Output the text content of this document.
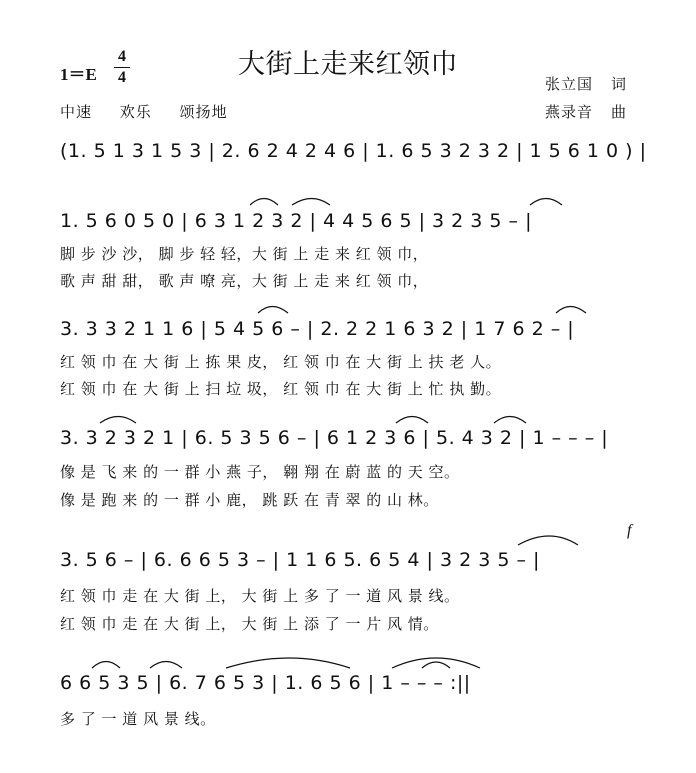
大街上走来红领巾
1＝E
4
4
中速 欢乐 颂扬地
张立国 词
燕录音 曲
(1. 5 1 3 1 5 3 | 2. 6 2 4 2 4 6 | 1. 6 5 3 2 3 2 | 1 5 6 1 0 ) |
1. 5 6 0 5 0 | 6 3 1 2 3 2 | 4 4 5 6 5 | 3 2 3 5 – |
脚 步 沙 沙， 脚 步 轻 轻，大 街 上 走 来 红 领 巾，
歌 声 甜 甜， 歌 声 嘹 亮，大 街 上 走 来 红 领 巾，
3. 3 3 2 1 1 6 | 5 4 5 6 – | 2. 2 2 1 6 3 2 | 1 7 6 2 – |
红 领 巾 在 大 街 上 拣 果 皮， 红 领 巾 在 大 街 上 扶 老 人。
红 领 巾 在 大 街 上 扫 垃 圾， 红 领 巾 在 大 街 上 忙 执 勤。
3. 3 2 3 2 1 | 6. 5 3 5 6 – | 6 1 2 3 6 | 5. 4 3 2 | 1 – – – |
像 是 飞 来 的 一 群 小 燕 子， 翱 翔 在 蔚 蓝 的 天 空。
像 是 跑 来 的 一 群 小 鹿， 跳 跃 在 青 翠 的 山 林。
f
3. 5 6 – | 6. 6 6 5 3 – | 1 1 6 5. 6 5 4 | 3 2 3 5 – |
红 领 巾 走 在 大 街 上， 大 街 上 多 了 一 道 风 景 线。
红 领 巾 走 在 大 街 上， 大 街 上 添 了 一 片 风 情。
6 6 5 3 5 | 6. 7 6 5 3 | 1. 6 5 6 | 1 – – – :||
多 了 一 道 风 景 线。
